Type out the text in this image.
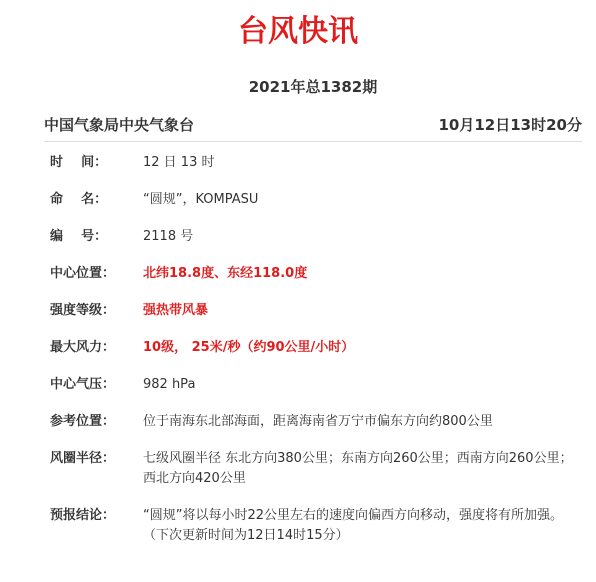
台风快讯
2021年总1382期
中国气象局中央气象台	10月12日13时20分
时    间：	12 日 13 时
命    名：	“圆规”，KOMPASU
编    号：	2118 号
中心位置：	北纬18.8度、东经118.0度
强度等级：	强热带风暴
最大风力：	10级， 25米/秒（约90公里/小时）
中心气压：	982 hPa
参考位置：	位于南海东北部海面，距离海南省万宁市偏东方向约800公里
风圈半径：	七级风圈半径 东北方向380公里；东南方向260公里；西南方向260公里；西北方向420公里
预报结论：	“圆规”将以每小时22公里左右的速度向偏西方向移动，强度将有所加强。
（下次更新时间为12日14时15分）
